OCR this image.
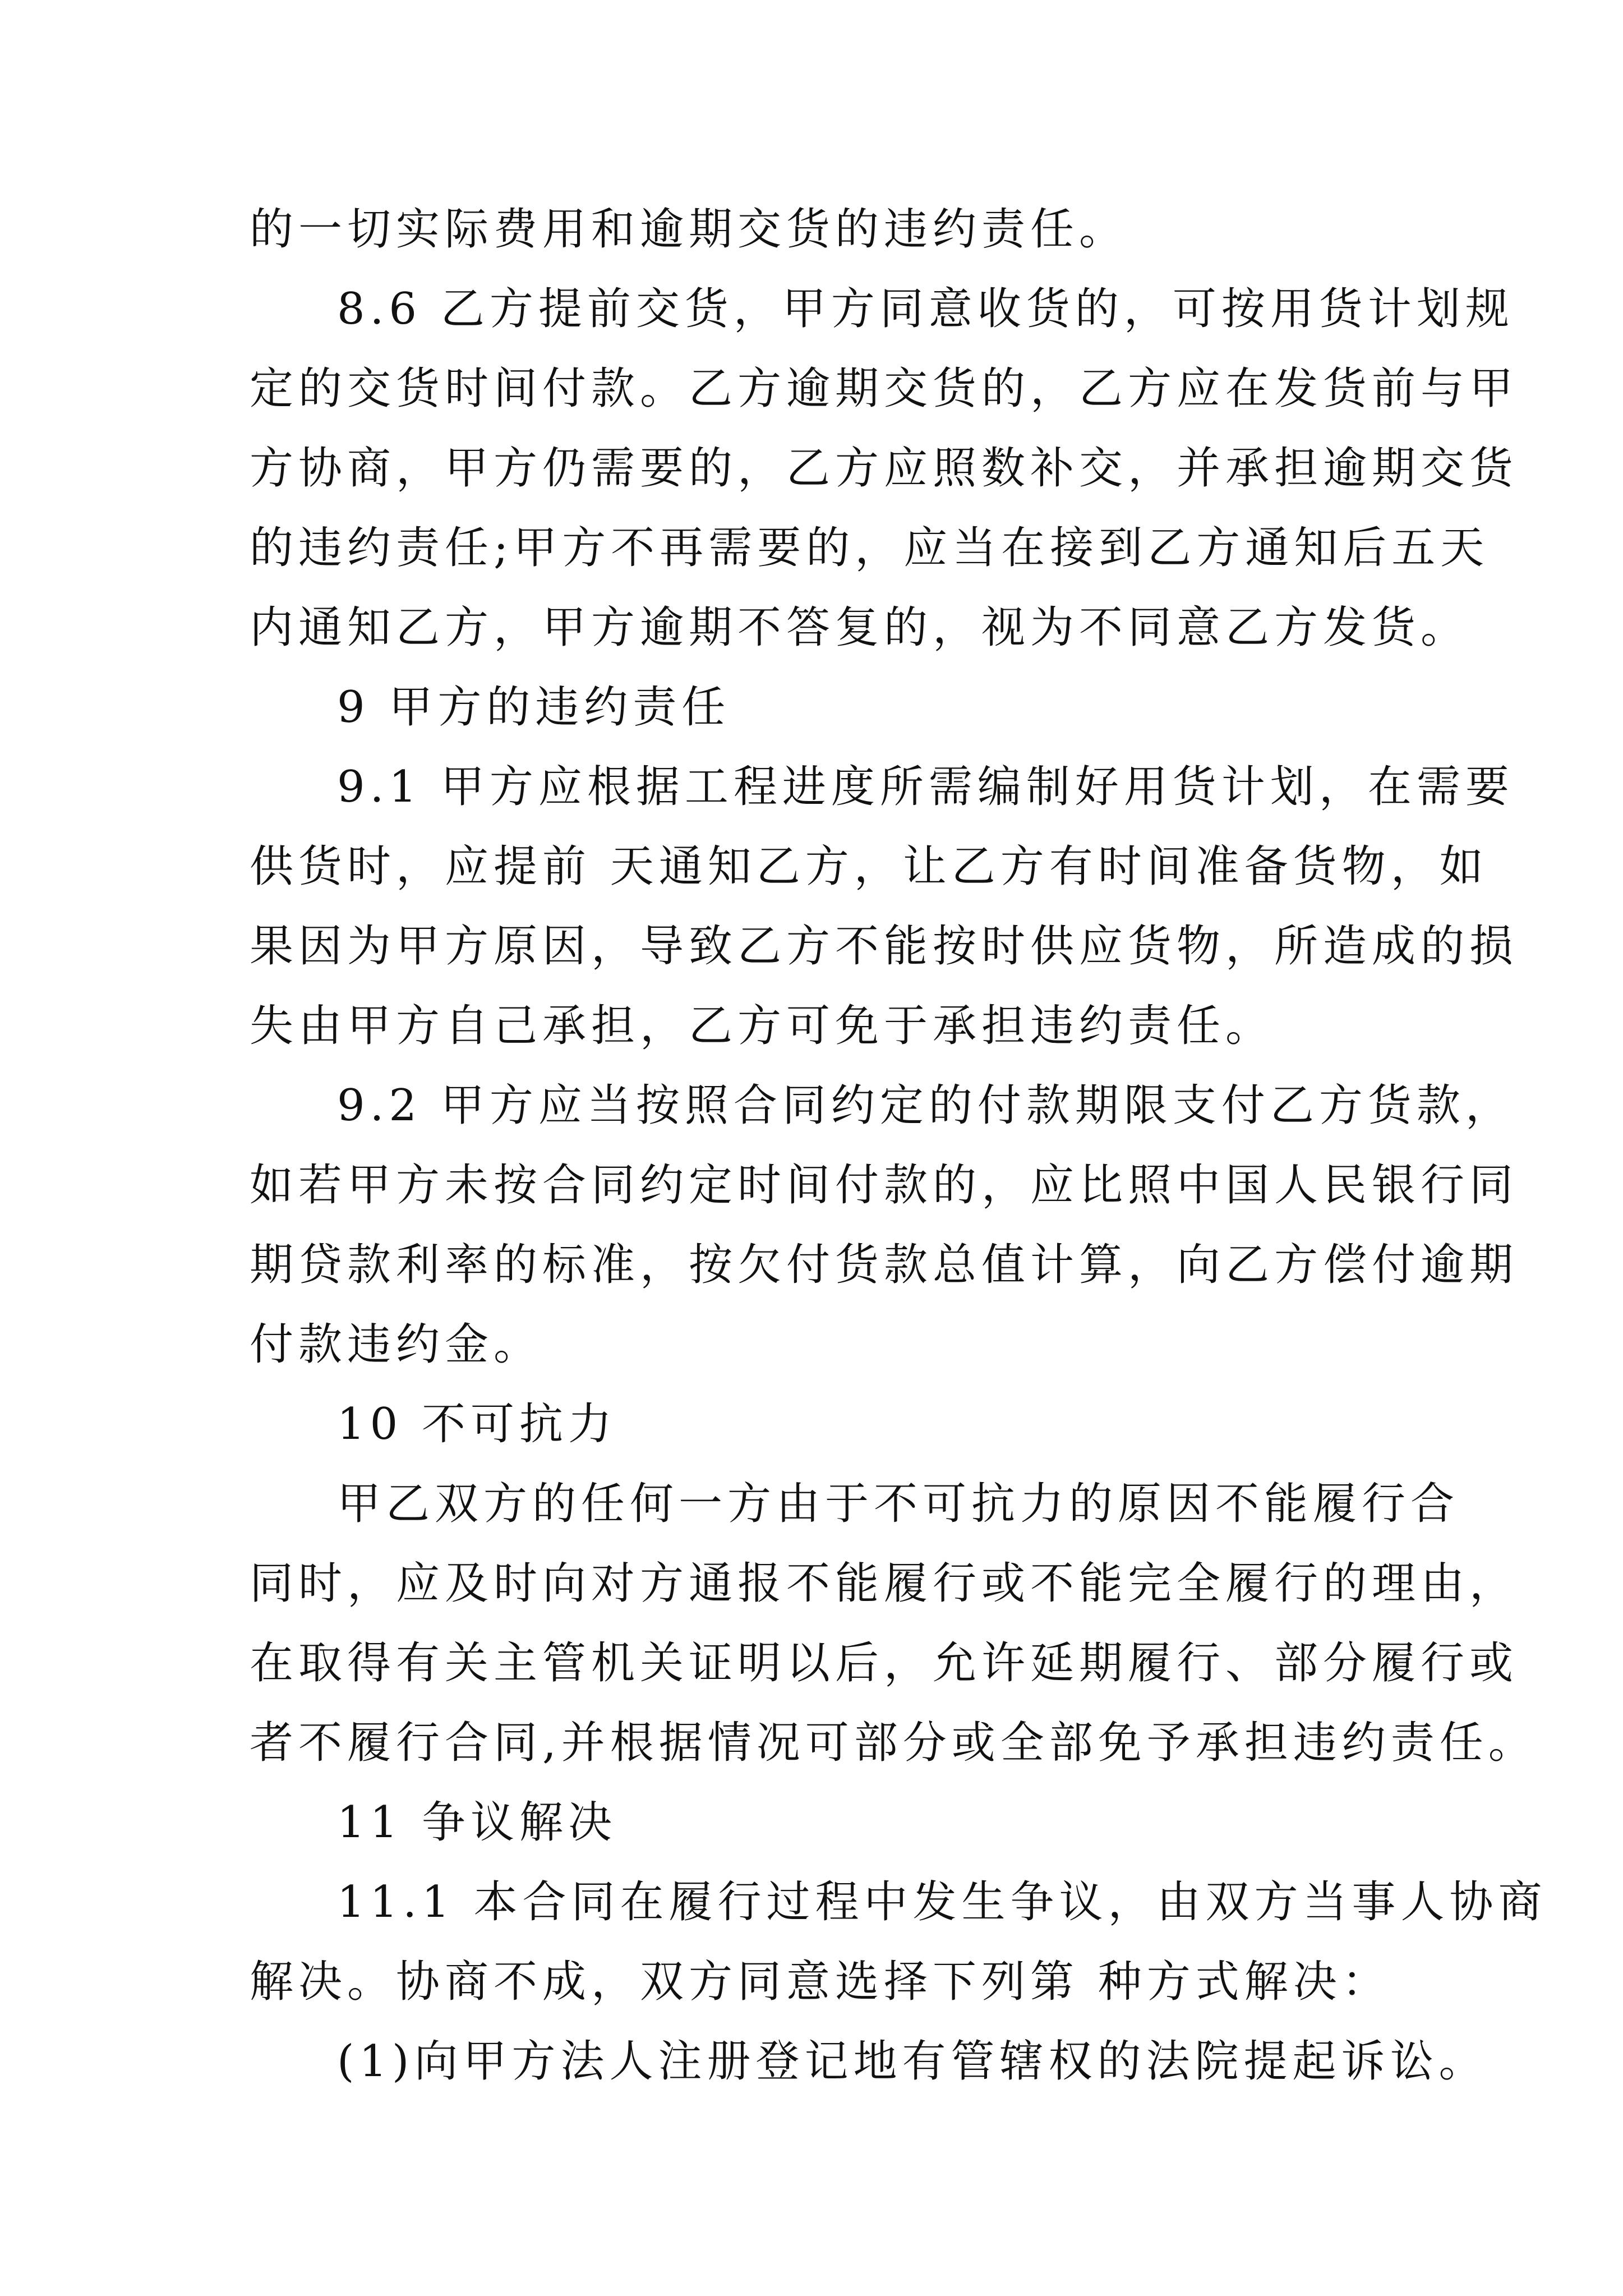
的一切实际费用和逾期交货的违约责任。
8.6 乙方提前交货，甲方同意收货的，可按用货计划规
定的交货时间付款。乙方逾期交货的，乙方应在发货前与甲
方协商，甲方仍需要的，乙方应照数补交，并承担逾期交货
的违约责任;甲方不再需要的，应当在接到乙方通知后五天
内通知乙方，甲方逾期不答复的，视为不同意乙方发货。
9 甲方的违约责任
9.1 甲方应根据工程进度所需编制好用货计划，在需要
供货时，应提前 天通知乙方，让乙方有时间准备货物，如
果因为甲方原因，导致乙方不能按时供应货物，所造成的损
失由甲方自己承担，乙方可免于承担违约责任。
9.2 甲方应当按照合同约定的付款期限支付乙方货款，
如若甲方未按合同约定时间付款的，应比照中国人民银行同
期贷款利率的标准，按欠付货款总值计算，向乙方偿付逾期
付款违约金。
10 不可抗力
甲乙双方的任何一方由于不可抗力的原因不能履行合
同时，应及时向对方通报不能履行或不能完全履行的理由，
在取得有关主管机关证明以后，允许延期履行、部分履行或
者不履行合同,并根据情况可部分或全部免予承担违约责任。
11 争议解决
11.1 本合同在履行过程中发生争议，由双方当事人协商
解决。协商不成，双方同意选择下列第 种方式解决：
(1)向甲方法人注册登记地有管辖权的法院提起诉讼。
